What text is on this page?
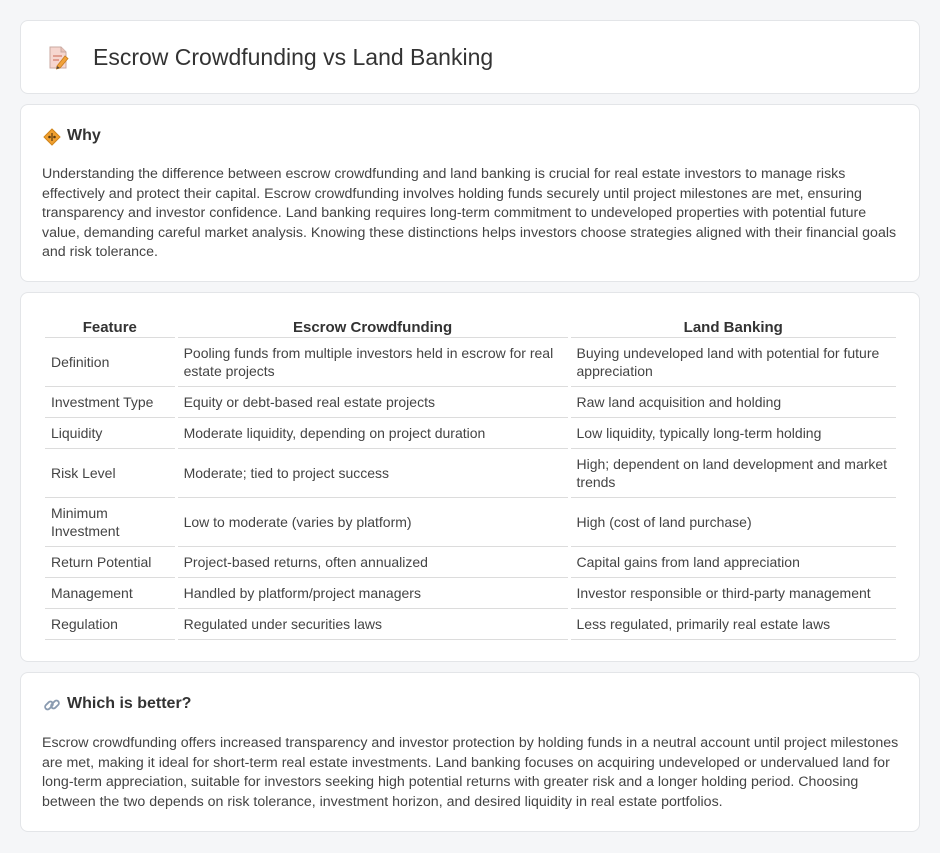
Escrow Crowdfunding vs Land Banking
Why

Understanding the difference between escrow crowdfunding and land banking is crucial for real estate investors to manage risks effectively and protect their capital. Escrow crowdfunding involves holding funds securely until project milestones are met, ensuring transparency and investor confidence. Land banking requires long-term commitment to undeveloped properties with potential future value, demanding careful market analysis. Knowing these distinctions helps investors choose strategies aligned with their financial goals and risk tolerance.

Feature	Escrow Crowdfunding	Land Banking
Definition	Pooling funds from multiple investors held in escrow for real estate projects	Buying undeveloped land with potential for future appreciation
Investment Type	Equity or debt-based real estate projects	Raw land acquisition and holding
Liquidity	Moderate liquidity, depending on project duration	Low liquidity, typically long-term holding
Risk Level	Moderate; tied to project success	High; dependent on land development and market trends
Minimum Investment	Low to moderate (varies by platform)	High (cost of land purchase)
Return Potential	Project-based returns, often annualized	Capital gains from land appreciation
Management	Handled by platform/project managers	Investor responsible or third-party management
Regulation	Regulated under securities laws	Less regulated, primarily real estate laws
Which is better?

Escrow crowdfunding offers increased transparency and investor protection by holding funds in a neutral account until project milestones are met, making it ideal for short-term real estate investments. Land banking focuses on acquiring undeveloped or undervalued land for long-term appreciation, suitable for investors seeking high potential returns with greater risk and a longer holding period. Choosing between the two depends on risk tolerance, investment horizon, and desired liquidity in real estate portfolios.
